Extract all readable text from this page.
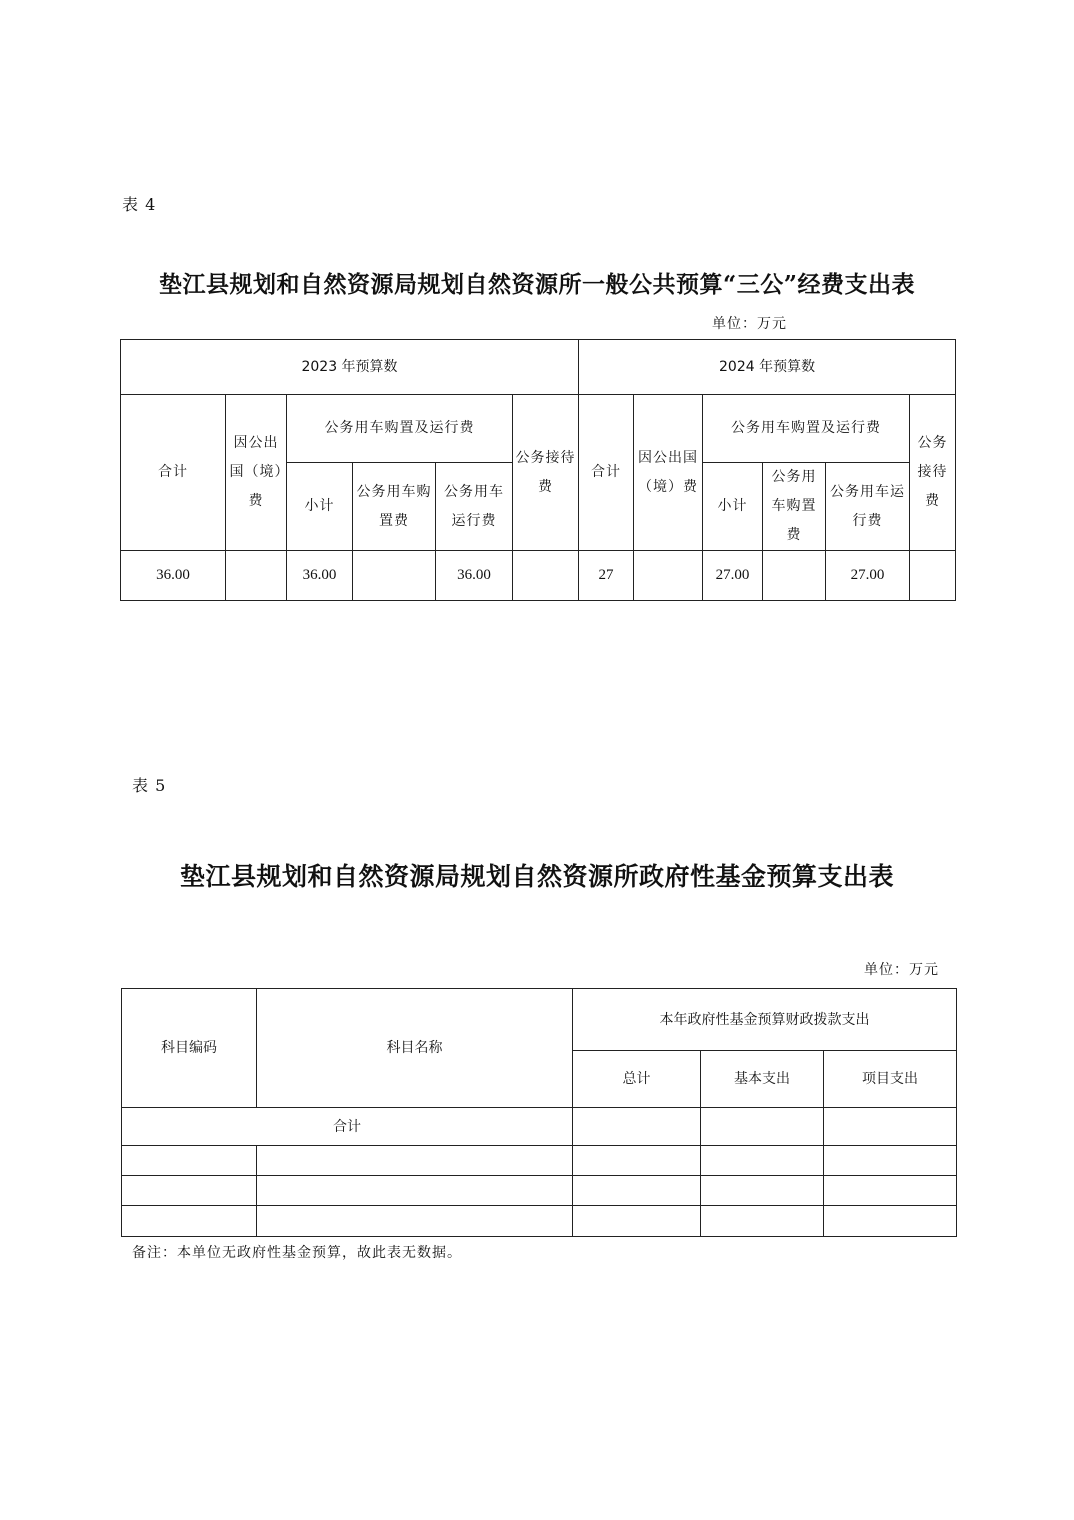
表 4
垫江县规划和自然资源局规划自然资源所一般公共预算“三公”经费支出表
单位：万元
2023 年预算数						2024 年预算数					
合计	因公出国（境）费	公务用车购置及运行费			公务接待费	合计	因公出国（境）费	公务用车购置及运行费			公务接待费
		小计	公务用车购置费	公务用车运行费				小计	公务用车购置费	公务用车运行费	
36.00		36.00		36.00		27		27.00		27.00	
表 5
垫江县规划和自然资源局规划自然资源所政府性基金预算支出表
单位：万元
科目编码	科目名称	本年政府性基金预算财政拨款支出		
		总计	基本支出	项目支出
合计				

备注：本单位无政府性基金预算，故此表无数据。
